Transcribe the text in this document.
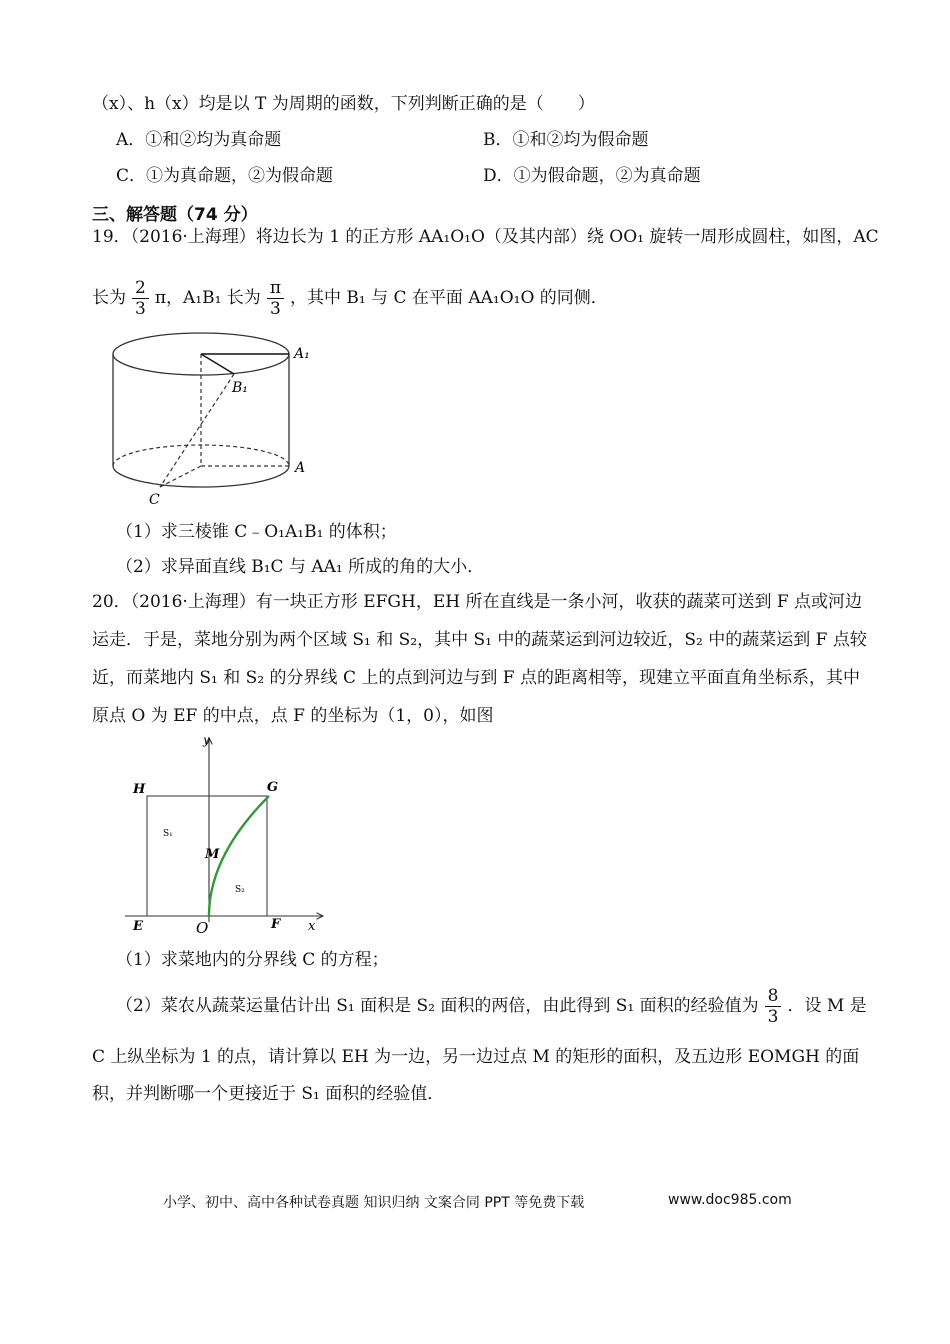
（x）、h（x）均是以 T 为周期的函数，下列判断正确的是（　　）
A．①和②均为真命题	B．①和②均为假命题
C．①为真命题，②为假命题	D．①为假命题，②为真命题
三、解答题（74 分）
19．（2016·上海理）将边长为 1 的正方形 AA₁O₁O（及其内部）绕 OO₁ 旋转一周形成圆柱，如图，AC
长为 $\frac{2}{3}$ π，A₁B₁ 长为 $\frac{\pi}{3}$ ，其中 B₁ 与 C 在平面 AA₁O₁O 的同侧．
A₁
B₁
A
C
（1）求三棱锥 C﹣O₁A₁B₁ 的体积；
（2）求异面直线 B₁C 与 AA₁ 所成的角的大小．
20．（2016·上海理）有一块正方形 EFGH，EH 所在直线是一条小河，收获的蔬菜可送到 F 点或河边
运走．于是，菜地分别为两个区域 S₁ 和 S₂，其中 S₁ 中的蔬菜运到河边较近，S₂ 中的蔬菜运到 F 点较
近，而菜地内 S₁ 和 S₂ 的分界线 C 上的点到河边与到 F 点的距离相等，现建立平面直角坐标系，其中
原点 O 为 EF 的中点，点 F 的坐标为（1，0），如图
y
x
H	G
S₁
M
S₂
E	O	F
（1）求菜地内的分界线 C 的方程；
（2）菜农从蔬菜运量估计出 S₁ 面积是 S₂ 面积的两倍，由此得到 S₁ 面积的经验值为 $\frac{8}{3}$ ．设 M 是
C 上纵坐标为 1 的点，请计算以 EH 为一边，另一边过点 M 的矩形的面积，及五边形 EOMGH 的面
积，并判断哪一个更接近于 S₁ 面积的经验值．
小学、初中、高中各种试卷真题 知识归纳 文案合同 PPT 等免费下载	www.doc985.com
